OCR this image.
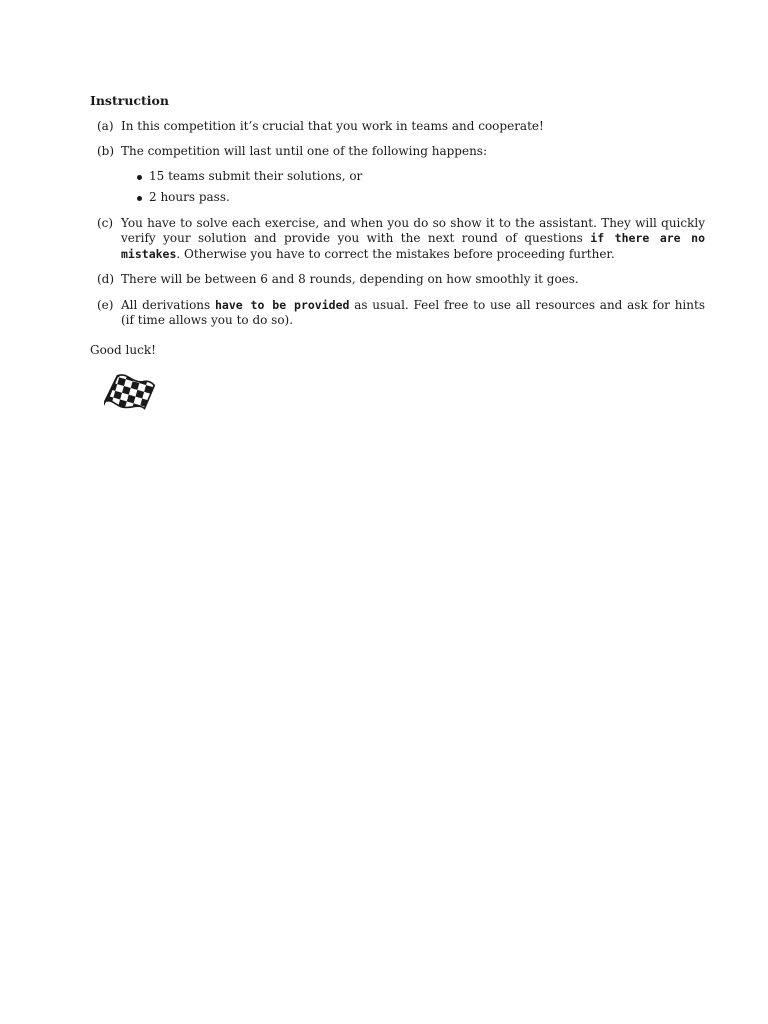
Instruction
(a) In this competition it’s crucial that you work in teams and cooperate!
(b) The competition will last until one of the following happens:
15 teams submit their solutions, or
2 hours pass.
(c) You have to solve each exercise, and when you do so show it to the assistant. They will quickly verify your solution and provide you with the next round of questions if there are no mistakes. Otherwise you have to correct the mistakes before proceeding further.
(d) There will be between 6 and 8 rounds, depending on how smoothly it goes.
(e) All derivations have to be provided as usual. Feel free to use all resources and ask for hints (if time allows you to do so).
Good luck!
